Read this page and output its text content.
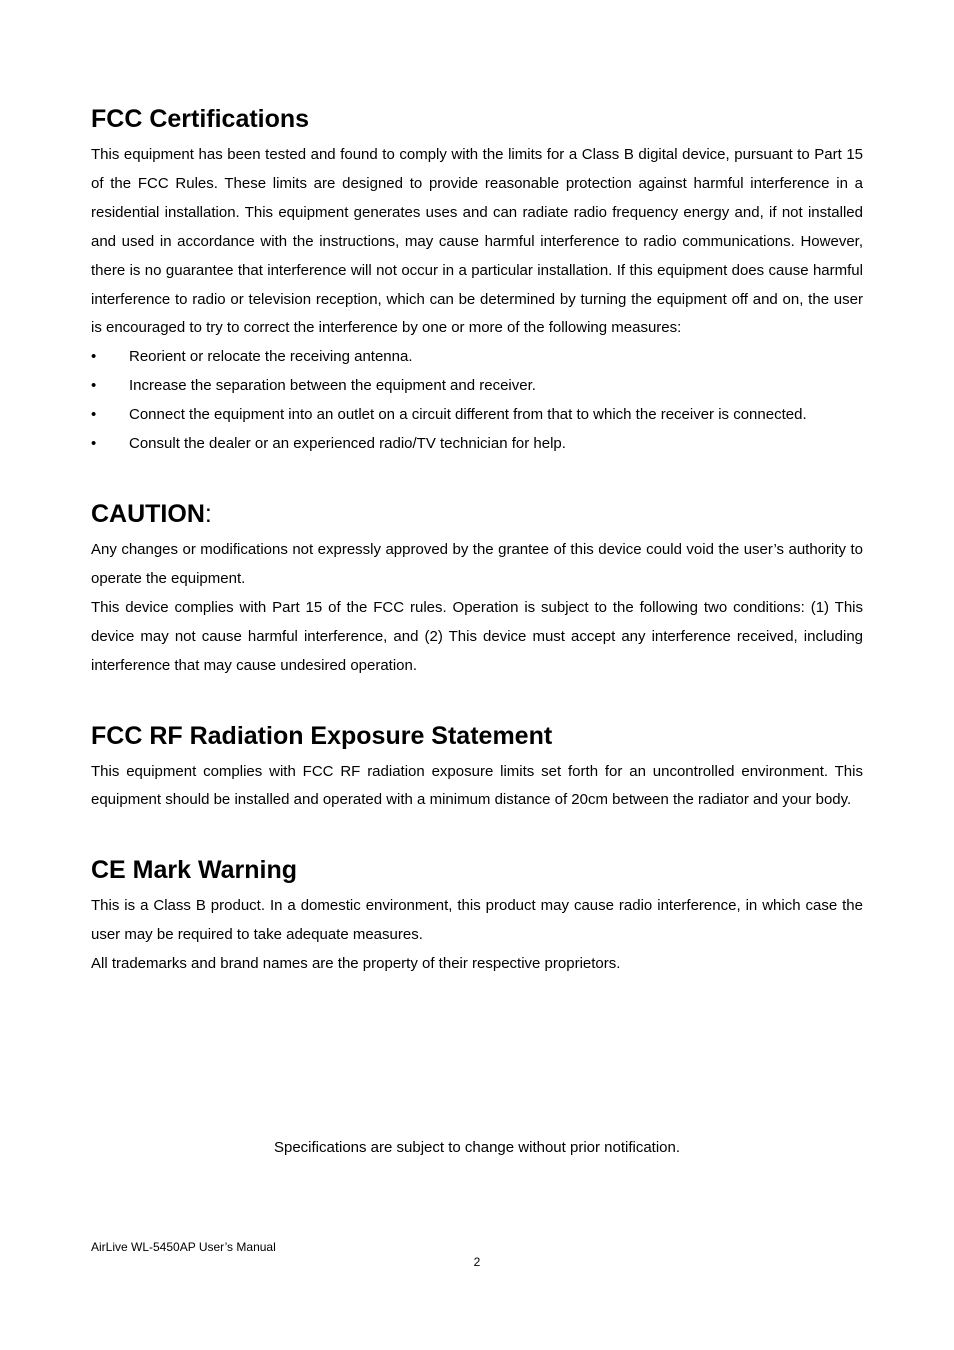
FCC Certifications

This equipment has been tested and found to comply with the limits for a Class B digital device, pursuant to Part 15 of the FCC Rules. These limits are designed to provide reasonable protection against harmful interference in a residential installation. This equipment generates uses and can radiate radio frequency energy and, if not installed and used in accordance with the instructions, may cause harmful interference to radio communications. However, there is no guarantee that interference will not occur in a particular installation. If this equipment does cause harmful interference to radio or television reception, which can be determined by turning the equipment off and on, the user is encouraged to try to correct the interference by one or more of the following measures:

•	Reorient or relocate the receiving antenna.
•	Increase the separation between the equipment and receiver.
•	Connect the equipment into an outlet on a circuit different from that to which the receiver is connected.
•	Consult the dealer or an experienced radio/TV technician for help.
CAUTION:

Any changes or modifications not expressly approved by the grantee of this device could void the user’s authority to operate the equipment.

This device complies with Part 15 of the FCC rules. Operation is subject to the following two conditions: (1) This device may not cause harmful interference, and (2) This device must accept any interference received, including interference that may cause undesired operation.

FCC RF Radiation Exposure Statement

This equipment complies with FCC RF radiation exposure limits set forth for an uncontrolled environment. This equipment should be installed and operated with a minimum distance of 20cm between the radiator and your body.

CE Mark Warning

This is a Class B product. In a domestic environment, this product may cause radio interference, in which case the user may be required to take adequate measures.

All trademarks and brand names are the property of their respective proprietors.

Specifications are subject to change without prior notification.
AirLive WL-5450AP User’s Manual
2
